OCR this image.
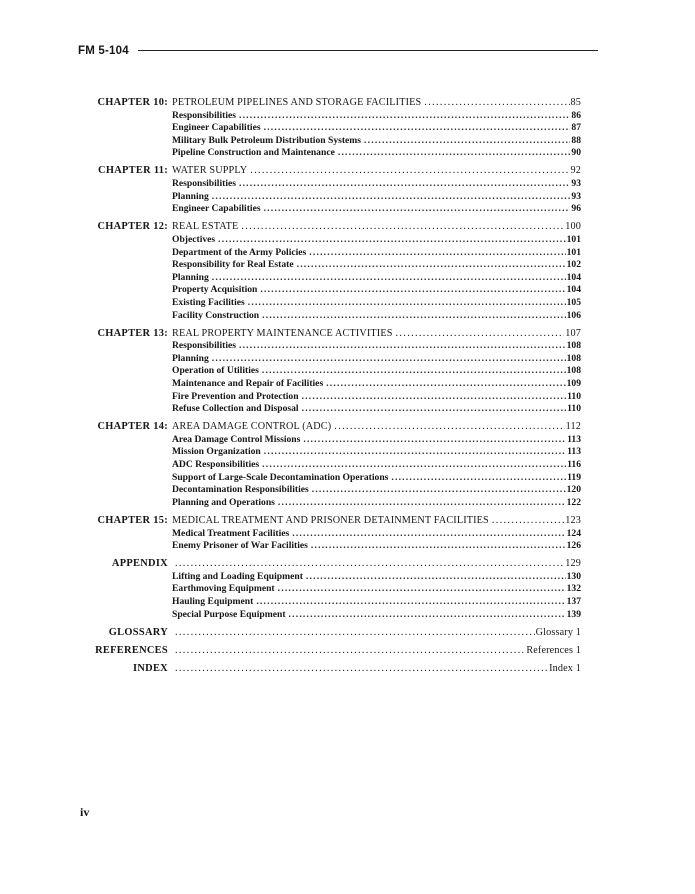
FM 5-104
CHAPTER 10: PETROLEUM PIPELINES AND STORAGE FACILITIES . . .	85
Responsibilities . . .	86
Engineer Capabilities . . .	87
Military Bulk Petroleum Distribution Systems . . .	88
Pipeline Construction and Maintenance . . .	90
CHAPTER 11: WATER SUPPLY . . .	92
Responsibilities . . .	93
Planning . . .	93
Engineer Capabilities . . .	96
CHAPTER 12: REAL ESTATE . . .	100
Objectives . . .	101
Department of the Army Policies . . .	101
Responsibility for Real Estate . . .	102
Planning . . .	104
Property Acquisition . . .	104
Existing Facilities . . .	105
Facility Construction . . .	106
CHAPTER 13: REAL PROPERTY MAINTENANCE ACTIVITIES . . .	107
Responsibilities . . .	108
Planning . . .	108
Operation of Utilities . . .	108
Maintenance and Repair of Facilities . . .	109
Fire Prevention and Protection . . .	110
Refuse Collection and Disposal . . .	110
CHAPTER 14: AREA DAMAGE CONTROL (ADC) . . .	112
Area Damage Control Missions . . .	113
Mission Organization . . .	113
ADC Responsibilities . . .	116
Support of Large-Scale Decontamination Operations . . .	119
Decontamination Responsibilities . . .	120
Planning and Operations . . .	122
CHAPTER 15: MEDICAL TREATMENT AND PRISONER DETAINMENT FACILITIES . . .	123
Medical Treatment Facilities . . .	124
Enemy Prisoner of War Facilities . . .	126
APPENDIX . . .	129
Lifting and Loading Equipment . . .	130
Earthmoving Equipment . . .	132
Hauling Equipment . . .	137
Special Purpose Equipment . . .	139
GLOSSARY . . .	Glossary 1
REFERENCES . . .	References 1
INDEX . . .	Index 1
iv
